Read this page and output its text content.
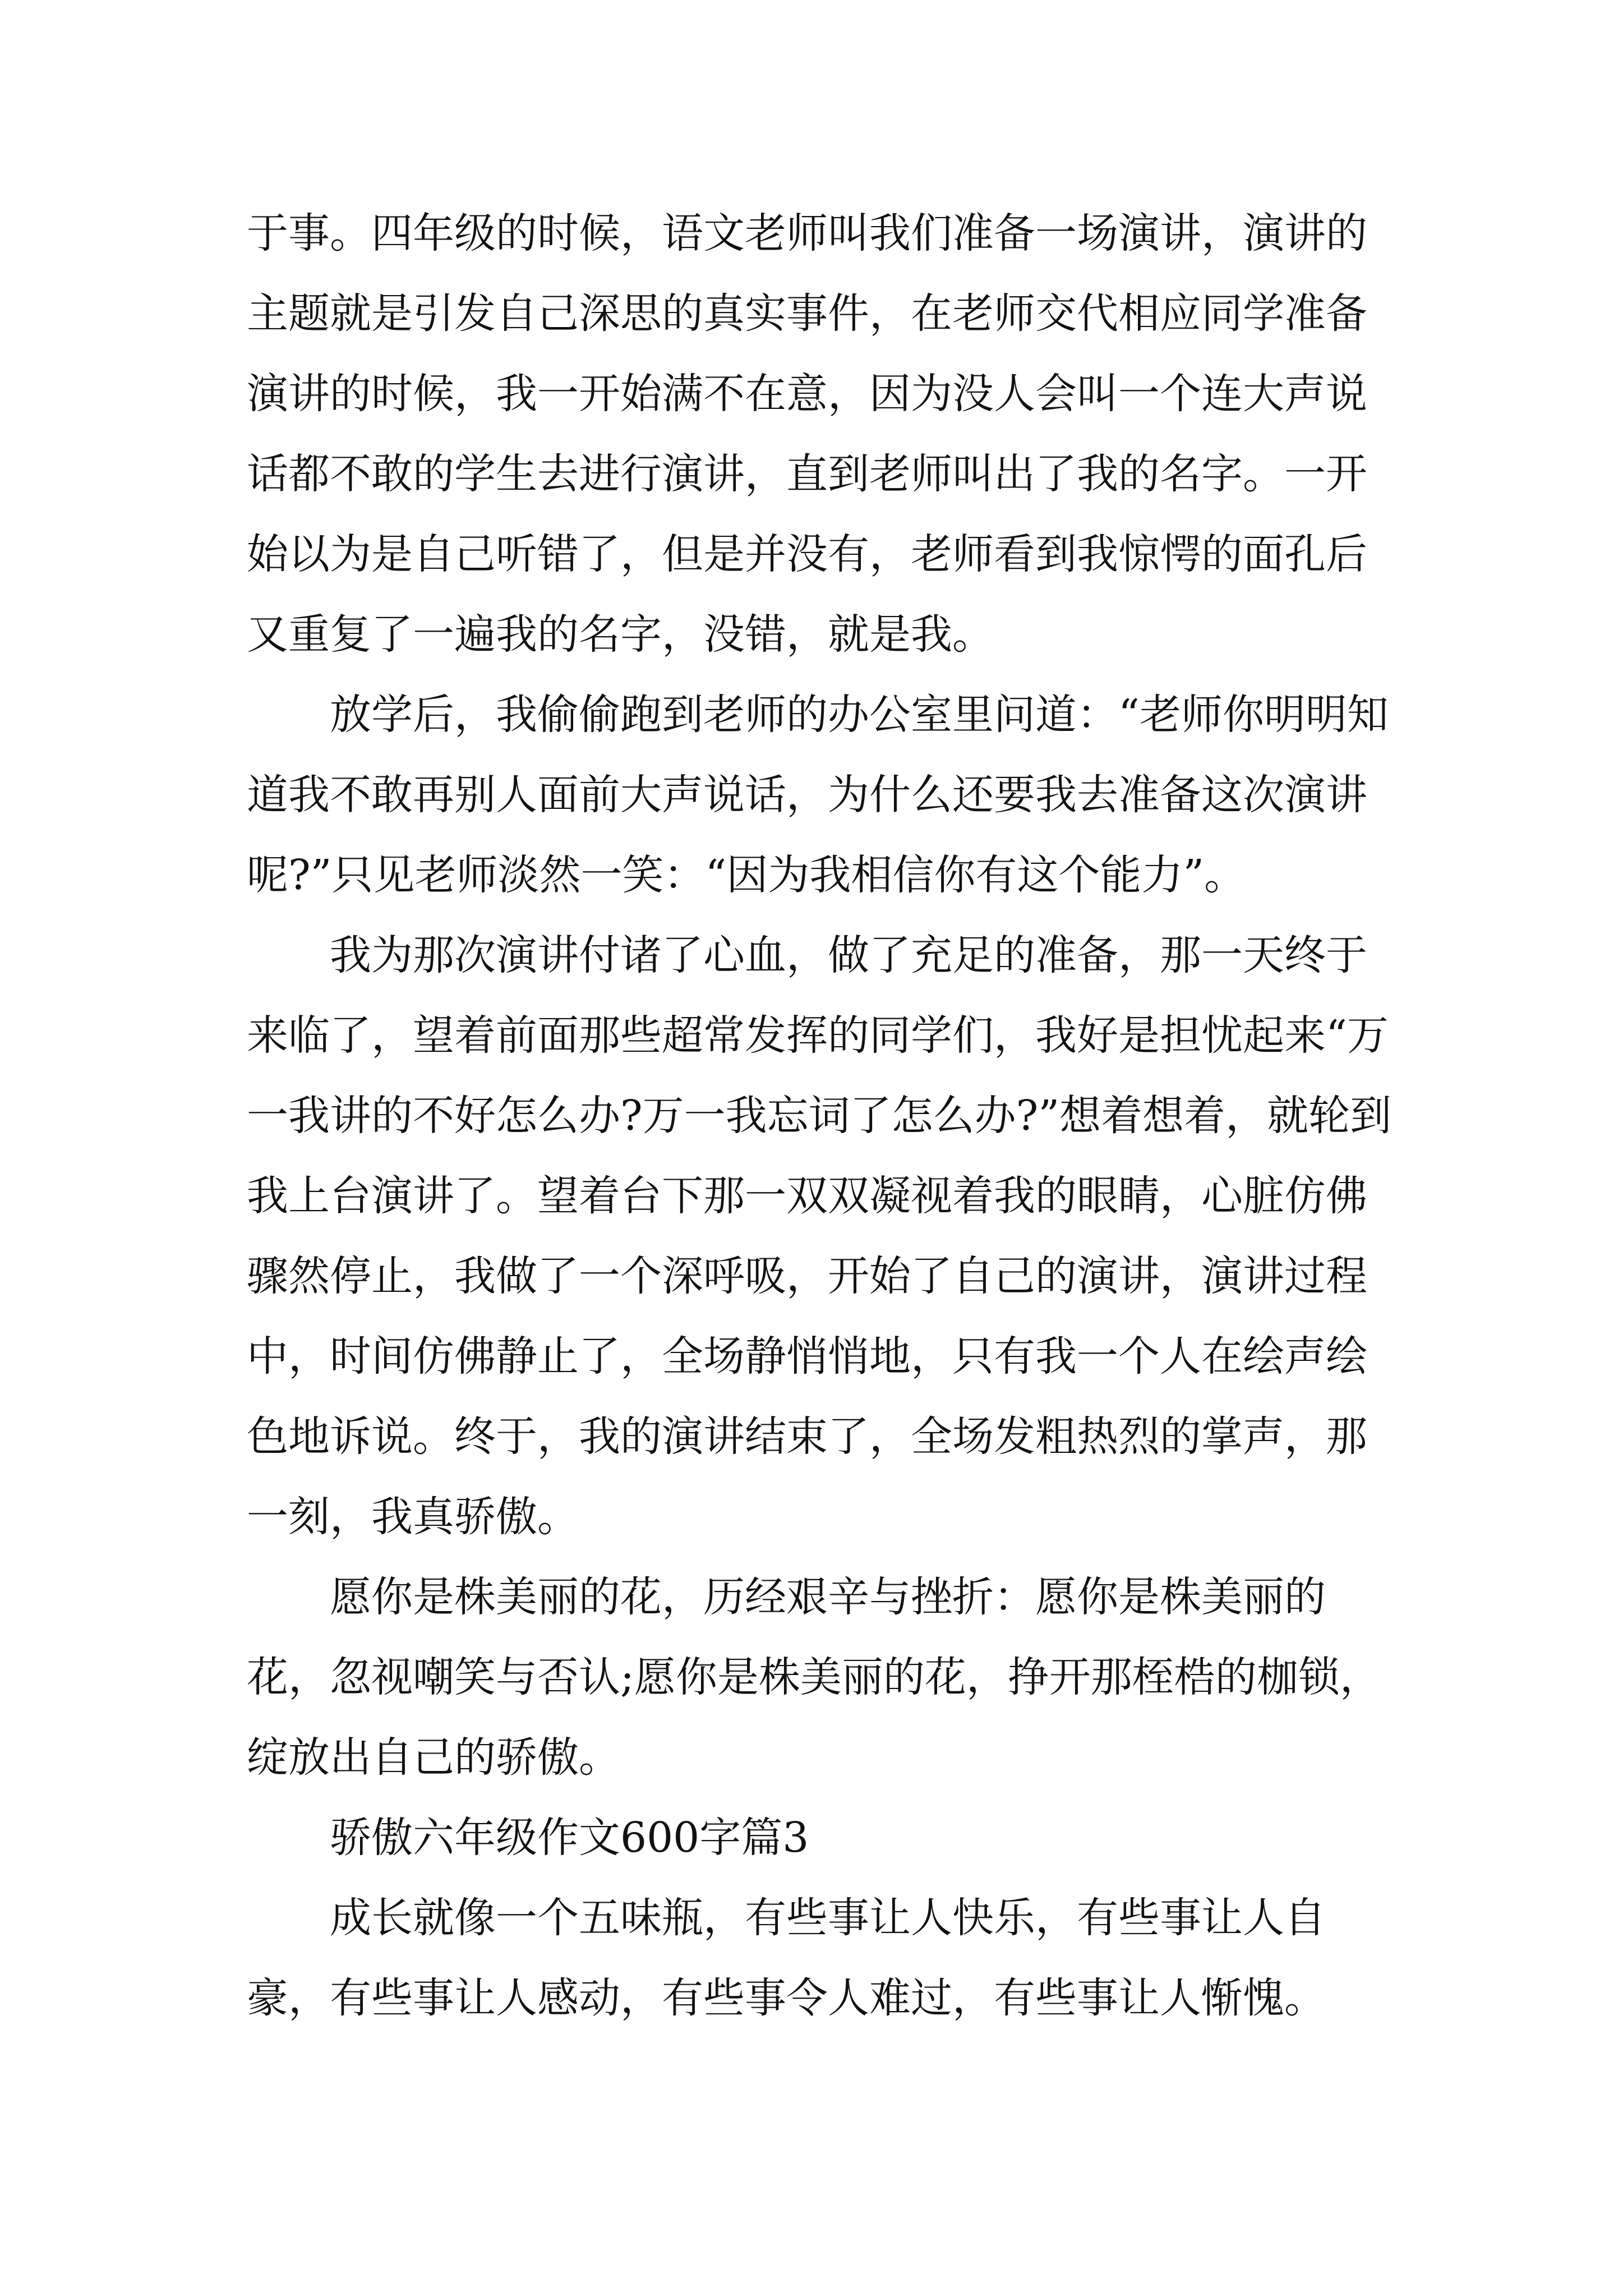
于事。四年级的时候，语文老师叫我们准备一场演讲，演讲的主题就是引发自己深思的真实事件，在老师交代相应同学准备演讲的时候，我一开始满不在意，因为没人会叫一个连大声说话都不敢的学生去进行演讲，直到老师叫出了我的名字。一开始以为是自己听错了，但是并没有，老师看到我惊愕的面孔后又重复了一遍我的名字，没错，就是我。

　　放学后，我偷偷跑到老师的办公室里问道：“老师你明明知道我不敢再别人面前大声说话，为什么还要我去准备这次演讲呢?”只见老师淡然一笑：“因为我相信你有这个能力”。

　　我为那次演讲付诸了心血，做了充足的准备，那一天终于来临了，望着前面那些超常发挥的同学们，我好是担忧起来“万一我讲的不好怎么办?万一我忘词了怎么办?”想着想着，就轮到我上台演讲了。望着台下那一双双凝视着我的眼睛，心脏仿佛骤然停止，我做了一个深呼吸，开始了自己的演讲，演讲过程中，时间仿佛静止了，全场静悄悄地，只有我一个人在绘声绘色地诉说。终于，我的演讲结束了，全场发粗热烈的掌声，那一刻，我真骄傲。

　　愿你是株美丽的花，历经艰辛与挫折：愿你是株美丽的花，忽视嘲笑与否认;愿你是株美丽的花，挣开那桎梏的枷锁，绽放出自己的骄傲。

　　骄傲六年级作文600字篇3

　　成长就像一个五味瓶，有些事让人快乐，有些事让人自豪，有些事让人感动，有些事令人难过，有些事让人惭愧。
